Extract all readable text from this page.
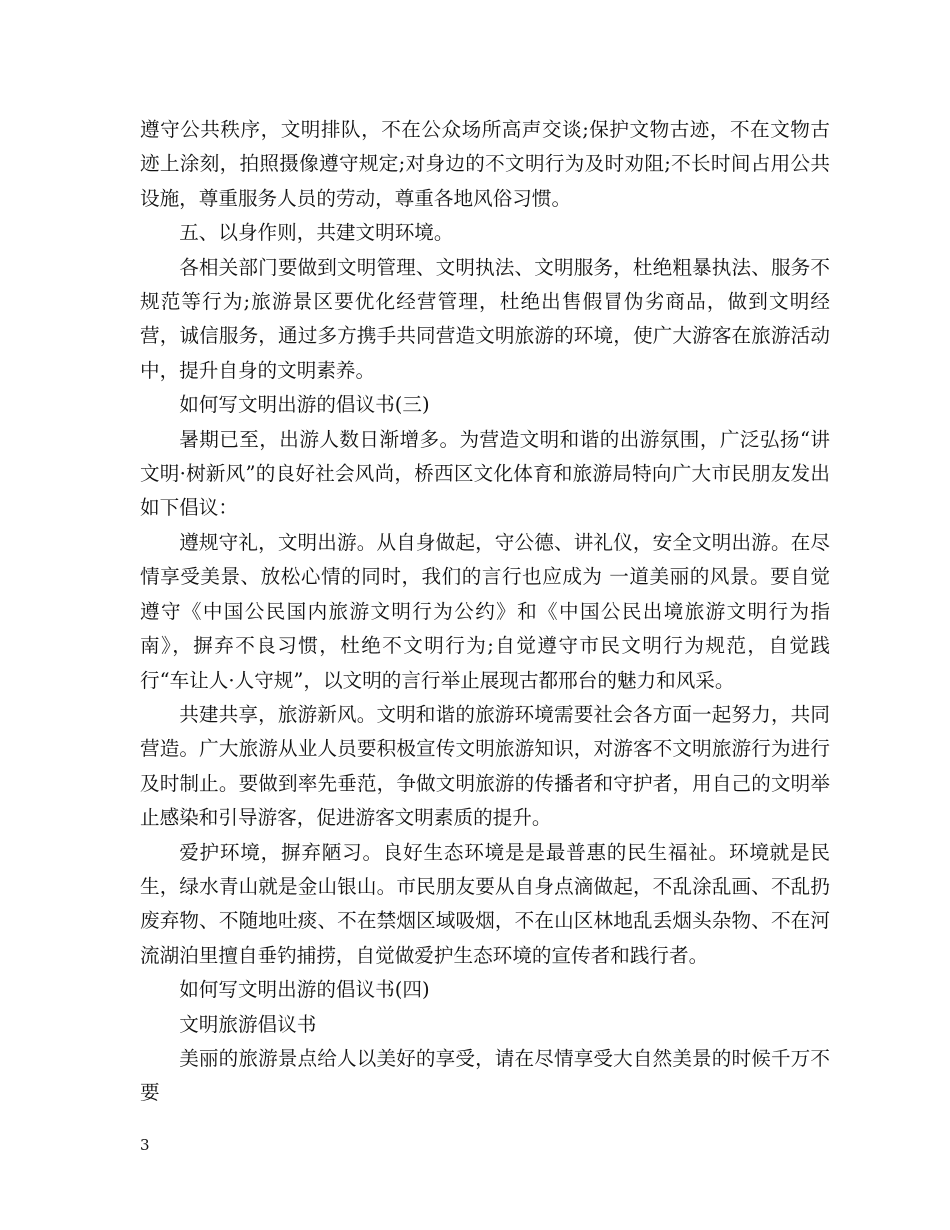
遵守公共秩序，文明排队，不在公众场所高声交谈;保护文物古迹，不在文物古迹上涂刻，拍照摄像遵守规定;对身边的不文明行为及时劝阻;不长时间占用公共设施，尊重服务人员的劳动，尊重各地风俗习惯。

五、以身作则，共建文明环境。

各相关部门要做到文明管理、文明执法、文明服务，杜绝粗暴执法、服务不规范等行为;旅游景区要优化经营管理，杜绝出售假冒伪劣商品，做到文明经营，诚信服务，通过多方携手共同营造文明旅游的环境，使广大游客在旅游活动中，提升自身的文明素养。

如何写文明出游的倡议书(三)

暑期已至，出游人数日渐增多。为营造文明和谐的出游氛围，广泛弘扬“讲文明·树新风”的良好社会风尚，桥西区文化体育和旅游局特向广大市民朋友发出如下倡议：

遵规守礼，文明出游。从自身做起，守公德、讲礼仪，安全文明出游。在尽情享受美景、放松心情的同时，我们的言行也应成为 一道美丽的风景。要自觉遵守《中国公民国内旅游文明行为公约》和《中国公民出境旅游文明行为指南》，摒弃不良习惯，杜绝不文明行为;自觉遵守市民文明行为规范，自觉践行“车让人·人守规”，以文明的言行举止展现古都邢台的魅力和风采。

共建共享，旅游新风。文明和谐的旅游环境需要社会各方面一起努力，共同营造。广大旅游从业人员要积极宣传文明旅游知识，对游客不文明旅游行为进行及时制止。要做到率先垂范，争做文明旅游的传播者和守护者，用自己的文明举止感染和引导游客，促进游客文明素质的提升。

爱护环境，摒弃陋习。良好生态环境是是最普惠的民生福祉。环境就是民生，绿水青山就是金山银山。市民朋友要从自身点滴做起，不乱涂乱画、不乱扔废弃物、不随地吐痰、不在禁烟区域吸烟，不在山区林地乱丢烟头杂物、不在河流湖泊里擅自垂钓捕捞，自觉做爱护生态环境的宣传者和践行者。

如何写文明出游的倡议书(四)

文明旅游倡议书

美丽的旅游景点给人以美好的享受，请在尽情享受大自然美景的时候千万不要

3
